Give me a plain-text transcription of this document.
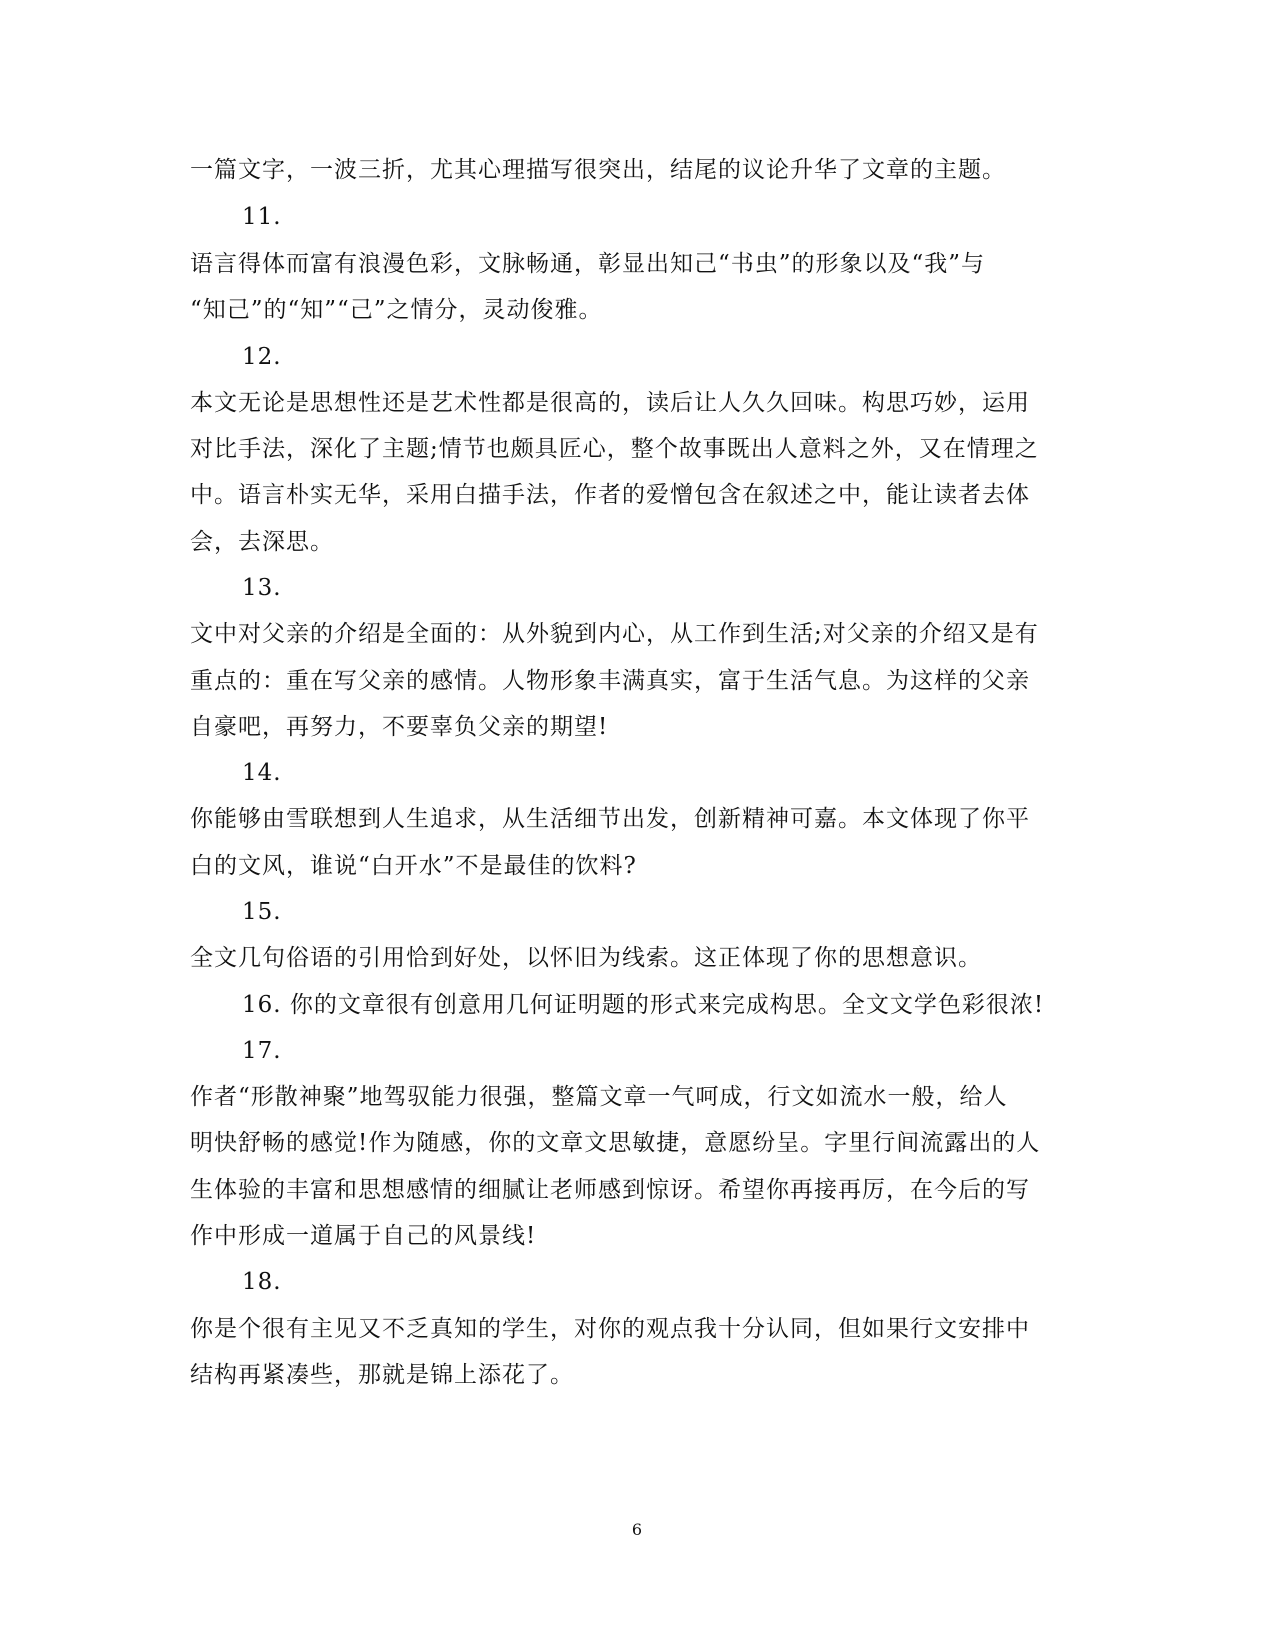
一篇文字，一波三折，尤其心理描写很突出，结尾的议论升华了文章的主题。
11.
语言得体而富有浪漫色彩，文脉畅通，彰显出知己“书虫”的形象以及“我”与
“知己”的“知”“己”之情分，灵动俊雅。
12.
本文无论是思想性还是艺术性都是很高的，读后让人久久回味。构思巧妙，运用
对比手法，深化了主题;情节也颇具匠心，整个故事既出人意料之外，又在情理之
中。语言朴实无华，采用白描手法，作者的爱憎包含在叙述之中，能让读者去体
会，去深思。
13.
文中对父亲的介绍是全面的：从外貌到内心，从工作到生活;对父亲的介绍又是有
重点的：重在写父亲的感情。人物形象丰满真实，富于生活气息。为这样的父亲
自豪吧，再努力，不要辜负父亲的期望!
14.
你能够由雪联想到人生追求，从生活细节出发，创新精神可嘉。本文体现了你平
白的文风，谁说“白开水”不是最佳的饮料?
15.
全文几句俗语的引用恰到好处，以怀旧为线索。这正体现了你的思想意识。
16. 你的文章很有创意用几何证明题的形式来完成构思。全文文学色彩很浓!
17.
作者“形散神聚”地驾驭能力很强，整篇文章一气呵成，行文如流水一般，给人
明快舒畅的感觉!作为随感，你的文章文思敏捷，意愿纷呈。字里行间流露出的人
生体验的丰富和思想感情的细腻让老师感到惊讶。希望你再接再厉，在今后的写
作中形成一道属于自己的风景线!
18.
你是个很有主见又不乏真知的学生，对你的观点我十分认同，但如果行文安排中
结构再紧凑些，那就是锦上添花了。
6
